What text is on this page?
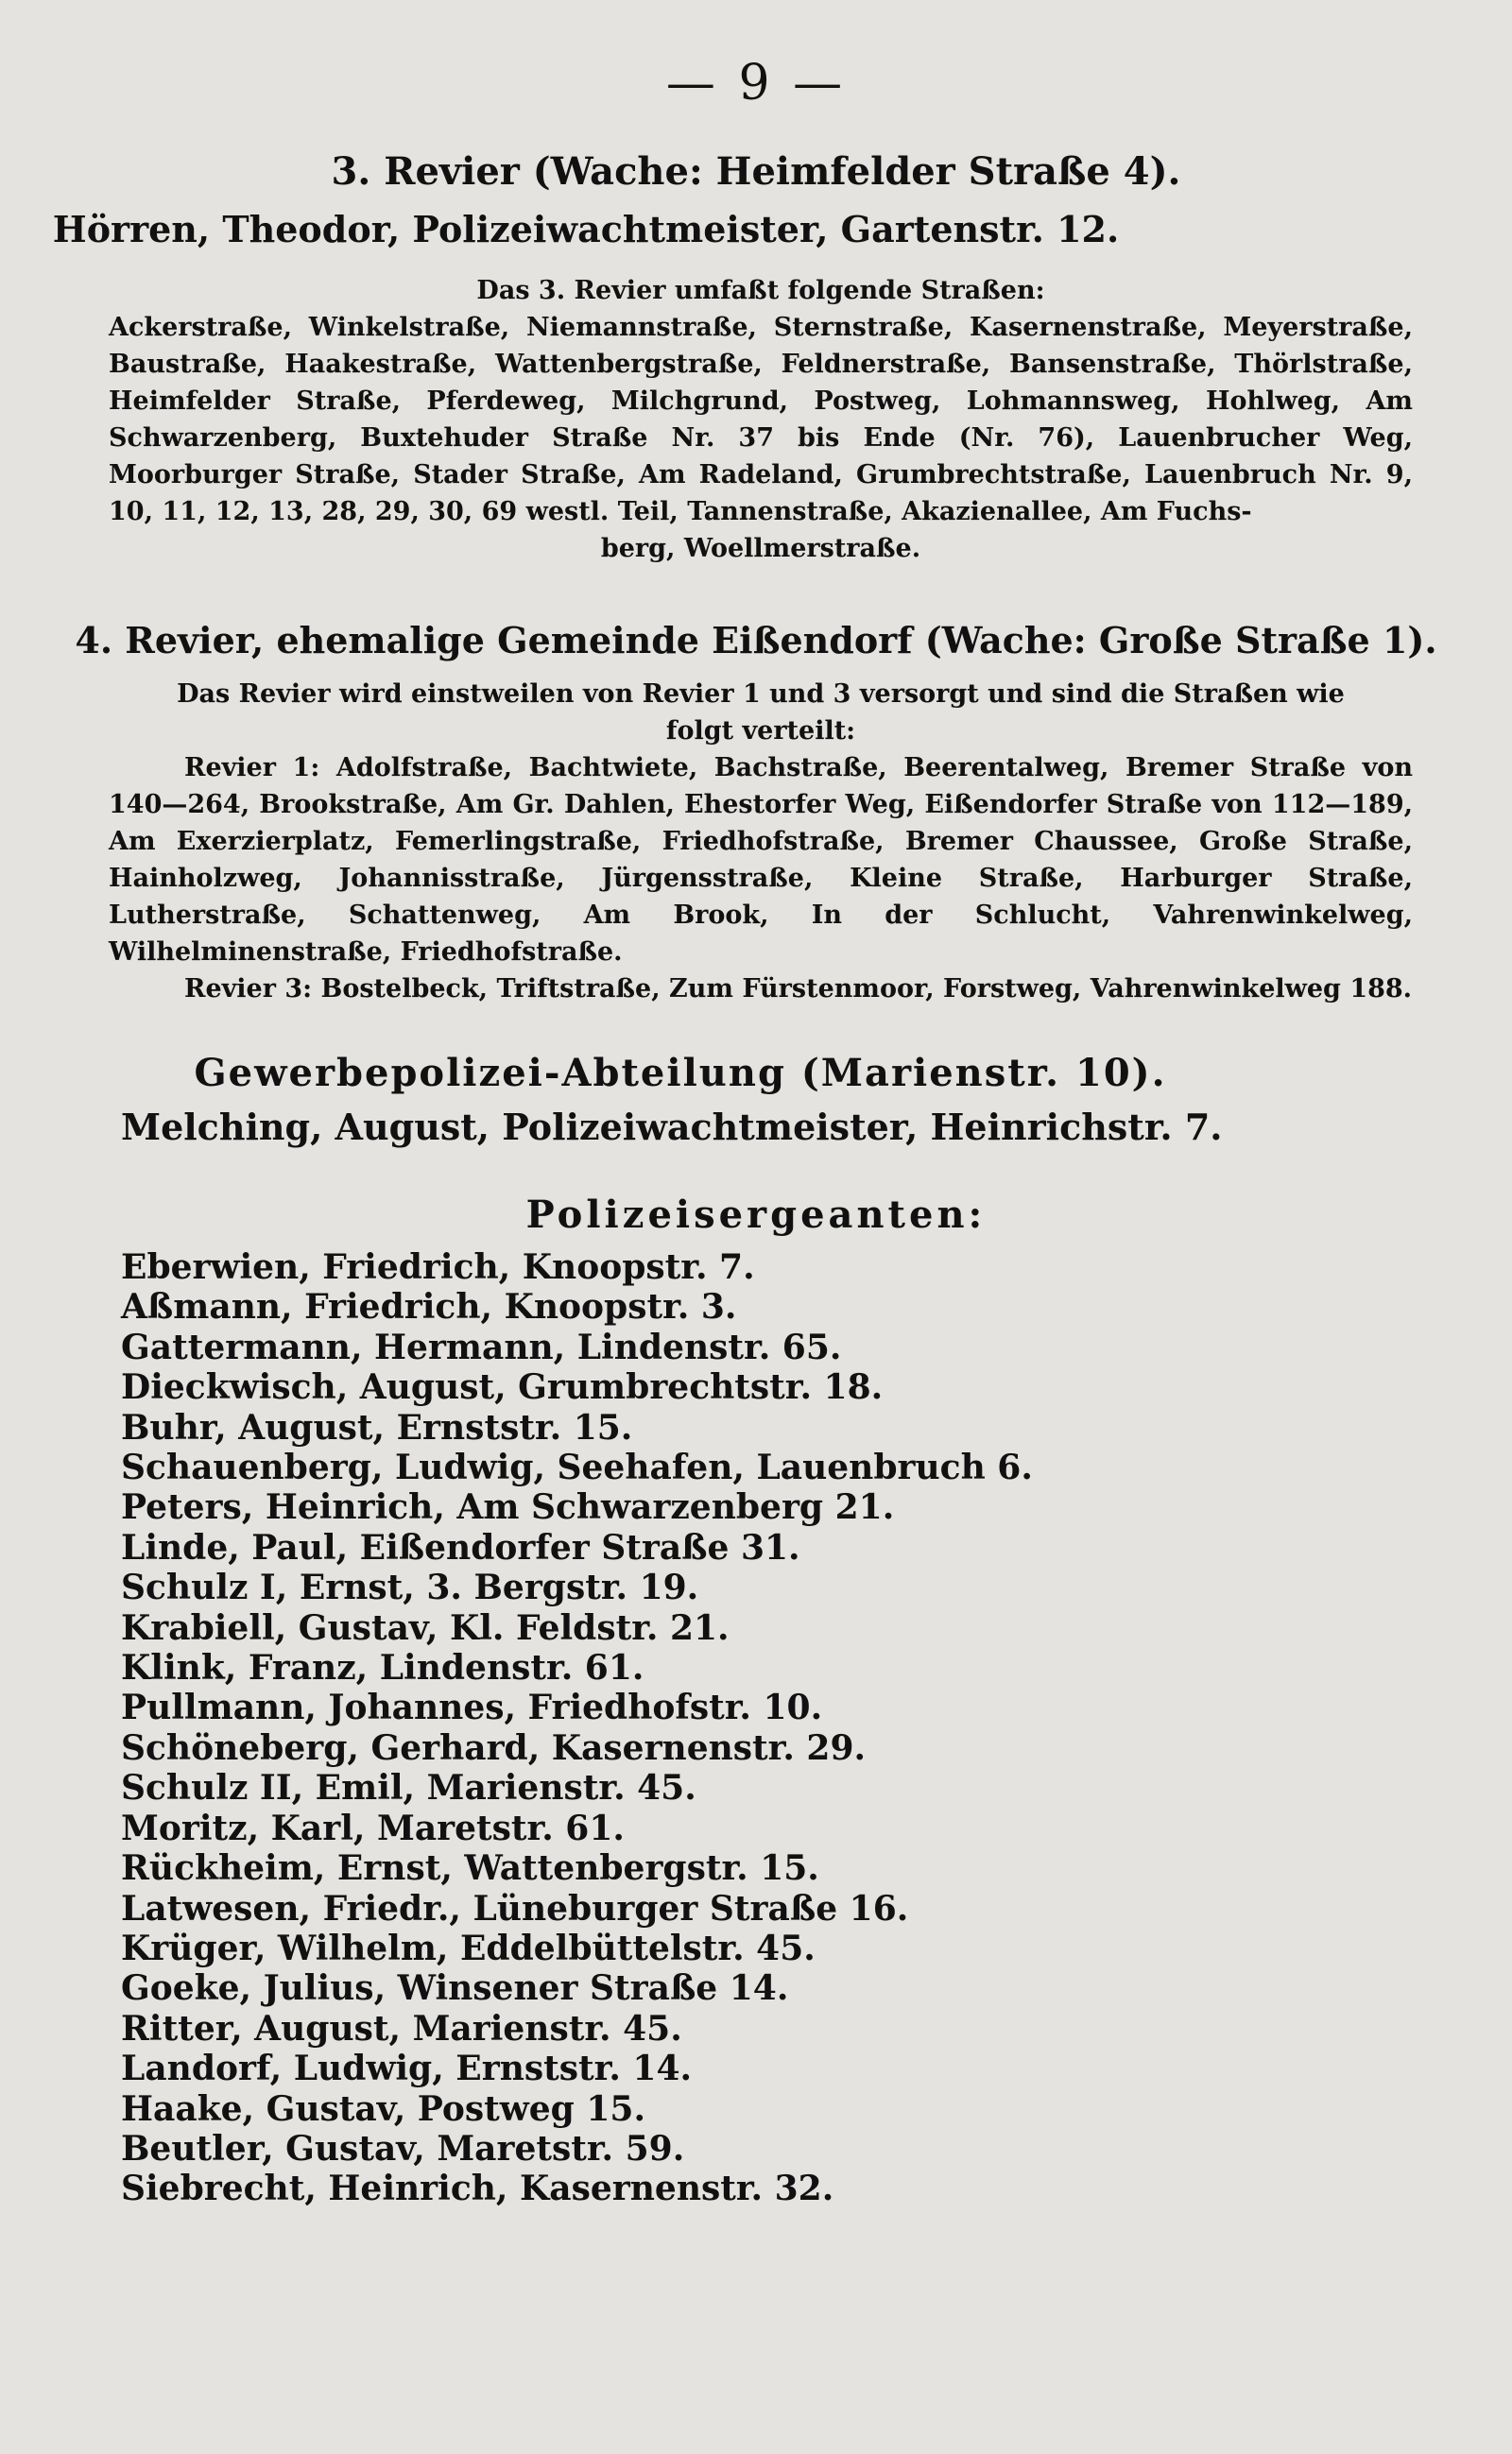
— 9 —
3. Revier (Wache: Heimfelder Straße 4).
Hörren, Theodor, Polizeiwachtmeister, Gartenstr. 12.
Das 3. Revier umfaßt folgende Straßen:
Ackerstraße, Winkelstraße, Niemannstraße, Sternstraße, Kasernenstraße, Meyerstraße, Baustraße, Haakestraße, Wattenbergstraße, Feldnerstraße, Bansenstraße, Thörlstraße, Heimfelder Straße, Pferdeweg, Milchgrund, Postweg, Lohmannsweg, Hohlweg, Am Schwarzenberg, Buxtehuder Straße Nr. 37 bis Ende (Nr. 76), Lauenbrucher Weg, Moorburger Straße, Stader Straße, Am Radeland, Grumbrechtstraße, Lauenbruch Nr. 9, 10, 11, 12, 13, 28, 29, 30, 69 westl. Teil, Tannenstraße, Akazienallee, Am Fuchs-
berg, Woellmerstraße.
4. Revier, ehemalige Gemeinde Eißendorf (Wache: Große Straße 1).
Das Revier wird einstweilen von Revier 1 und 3 versorgt und sind die Straßen wie
folgt verteilt:
Revier 1: Adolfstraße, Bachtwiete, Bachstraße, Beerentalweg, Bremer Straße von 140—264, Brookstraße, Am Gr. Dahlen, Ehestorfer Weg, Eißendorfer Straße von 112—189, Am Exerzierplatz, Femerlingstraße, Friedhofstraße, Bremer Chaussee, Große Straße, Hainholzweg, Johannisstraße, Jürgensstraße, Kleine Straße, Harburger Straße, Lutherstraße, Schattenweg, Am Brook, In der Schlucht, Vahrenwinkelweg, Wilhelminenstraße, Friedhofstraße.
Revier 3: Bostelbeck, Triftstraße, Zum Fürstenmoor, Forstweg, Vahrenwinkelweg 188.
Gewerbepolizei-Abteilung (Marienstr. 10).
Melching, August, Polizeiwachtmeister, Heinrichstr. 7.
Polizeisergeanten:
Eberwien, Friedrich, Knoopstr. 7.
Aßmann, Friedrich, Knoopstr. 3.
Gattermann, Hermann, Lindenstr. 65.
Dieckwisch, August, Grumbrechtstr. 18.
Buhr, August, Ernststr. 15.
Schauenberg, Ludwig, Seehafen, Lauenbruch 6.
Peters, Heinrich, Am Schwarzenberg 21.
Linde, Paul, Eißendorfer Straße 31.
Schulz I, Ernst, 3. Bergstr. 19.
Krabiell, Gustav, Kl. Feldstr. 21.
Klink, Franz, Lindenstr. 61.
Pullmann, Johannes, Friedhofstr. 10.
Schöneberg, Gerhard, Kasernenstr. 29.
Schulz II, Emil, Marienstr. 45.
Moritz, Karl, Maretstr. 61.
Rückheim, Ernst, Wattenbergstr. 15.
Latwesen, Friedr., Lüneburger Straße 16.
Krüger, Wilhelm, Eddelbüttelstr. 45.
Goeke, Julius, Winsener Straße 14.
Ritter, August, Marienstr. 45.
Landorf, Ludwig, Ernststr. 14.
Haake, Gustav, Postweg 15.
Beutler, Gustav, Maretstr. 59.
Siebrecht, Heinrich, Kasernenstr. 32.
